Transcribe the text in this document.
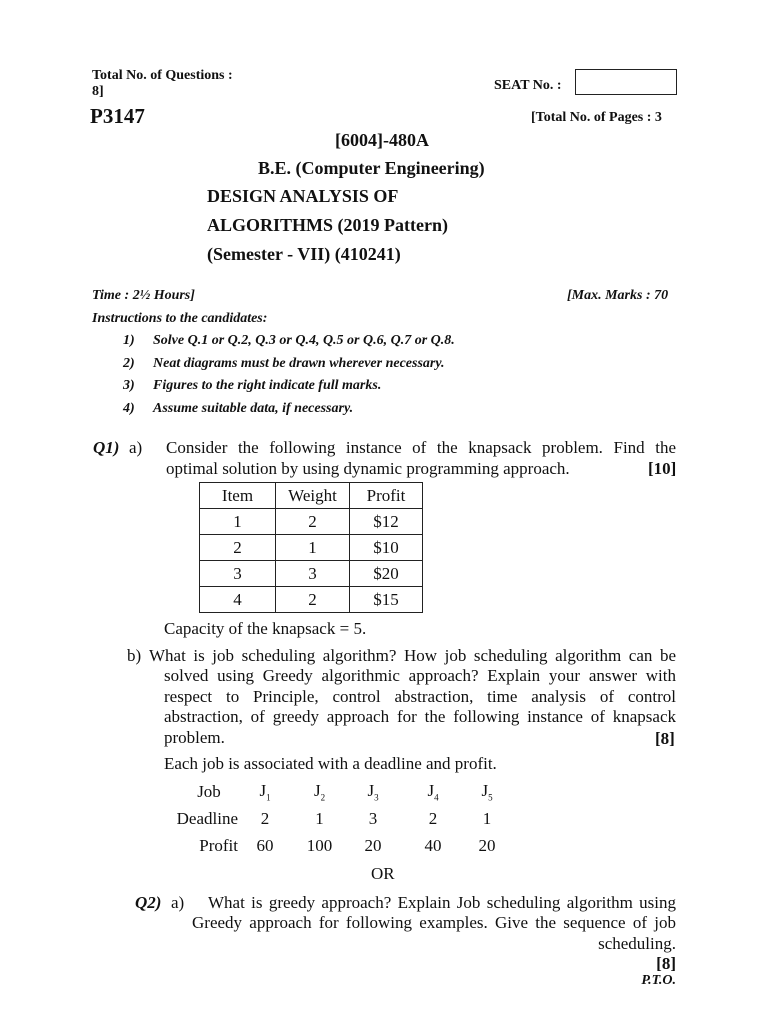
Total No. of Questions :
8]	SEAT No. :
P3147	[Total No. of Pages : 3
[6004]-480A
B.E. (Computer Engineering)
DESIGN ANALYSIS OF
ALGORITHMS (2019 Pattern)
(Semester - VII) (410241)
Time : 2½ Hours]	[Max. Marks : 70
Instructions to the candidates:
1) Solve Q.1 or Q.2, Q.3 or Q.4, Q.5 or Q.6, Q.7 or Q.8.
2) Neat diagrams must be drawn wherever necessary.
3) Figures to the right indicate full marks.
4) Assume suitable data, if necessary.
Q1) a) Consider the following instance of the knapsack problem. Find the
optimal solution by using dynamic programming approach.	[10]
Item	Weight	Profit
1	2	$12
2	1	$10
3	3	$20
4	2	$15
Capacity of the knapsack = 5.
b) What is job scheduling algorithm? How job scheduling algorithm can be
solved using Greedy algorithmic approach? Explain your answer with
respect to Principle, control abstraction, time analysis of control
abstraction, of greedy approach for the following instance of knapsack
problem.	[8]
Each job is associated with a deadline and profit.
Job	$J_1$	$J_2$	$J_3$	$J_4$	$J_5$
Deadline	2	1	3	2	1
Profit	60	100	20	40	20
OR
Q2) a) What is greedy approach? Explain Job scheduling algorithm using
Greedy approach for following examples. Give the sequence of job
scheduling.
[8]
P.T.O.
